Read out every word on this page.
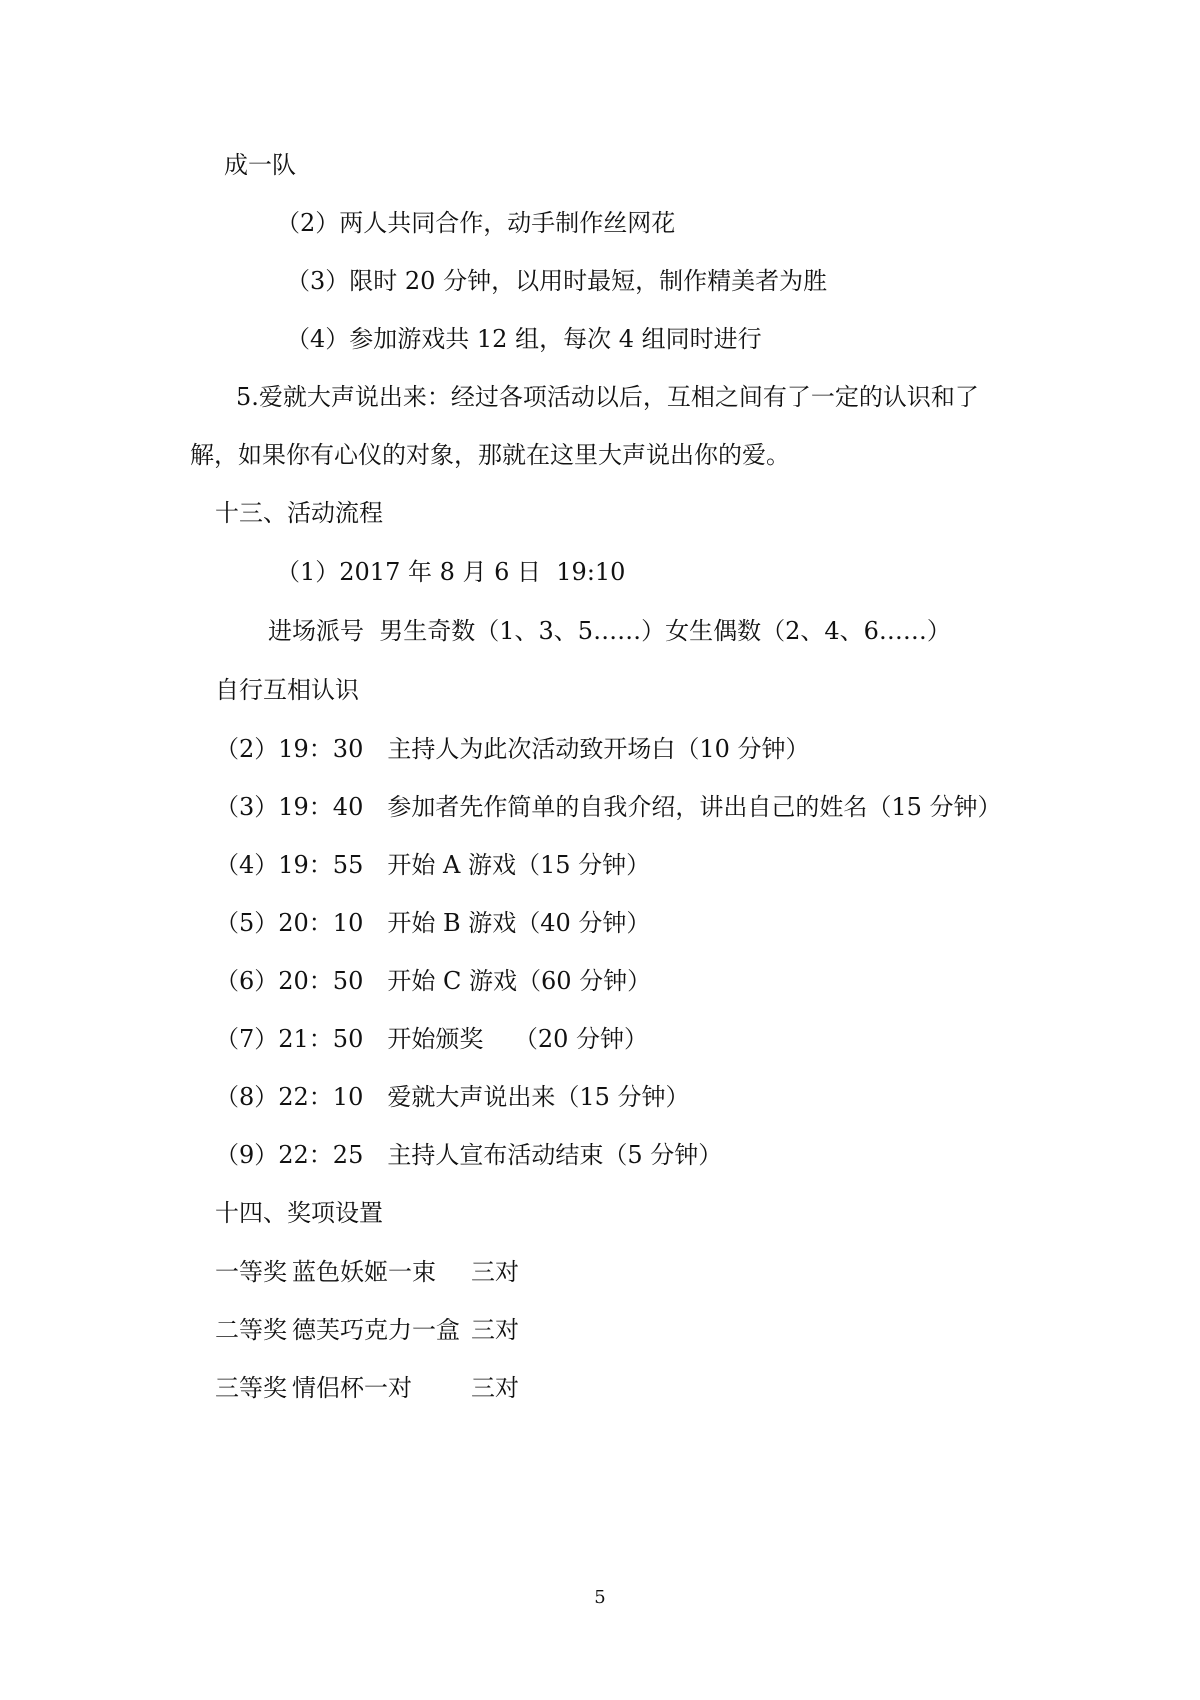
成一队
（2）两人共同合作，动手制作丝网花
（3）限时 20 分钟，以用时最短，制作精美者为胜
（4）参加游戏共 12 组，每次 4 组同时进行
5.爱就大声说出来：经过各项活动以后，互相之间有了一定的认识和了
解，如果你有心仪的对象，那就在这里大声说出你的爱。
十三、活动流程
（1）2017 年 8 月 6 日  19:10
进场派号  男生奇数（1、3、5……）女生偶数（2、4、6……）
自行互相认识
（2）19：30 主持人为此次活动致开场白（10 分钟）
（3）19：40 参加者先作简单的自我介绍，讲出自己的姓名（15 分钟）
（4）19：55 开始 A 游戏（15 分钟）
（5）20：10 开始 B 游戏（40 分钟）
（6）20：50 开始 C 游戏（60 分钟）
（7）21：50 开始颁奖    （20 分钟）
（8）22：10 爱就大声说出来（15 分钟）
（9）22：25 主持人宣布活动结束（5 分钟）
十四、奖项设置
一等奖 蓝色妖姬一束 三对
二等奖 德芙巧克力一盒 三对
三等奖 情侣杯一对 三对
5
